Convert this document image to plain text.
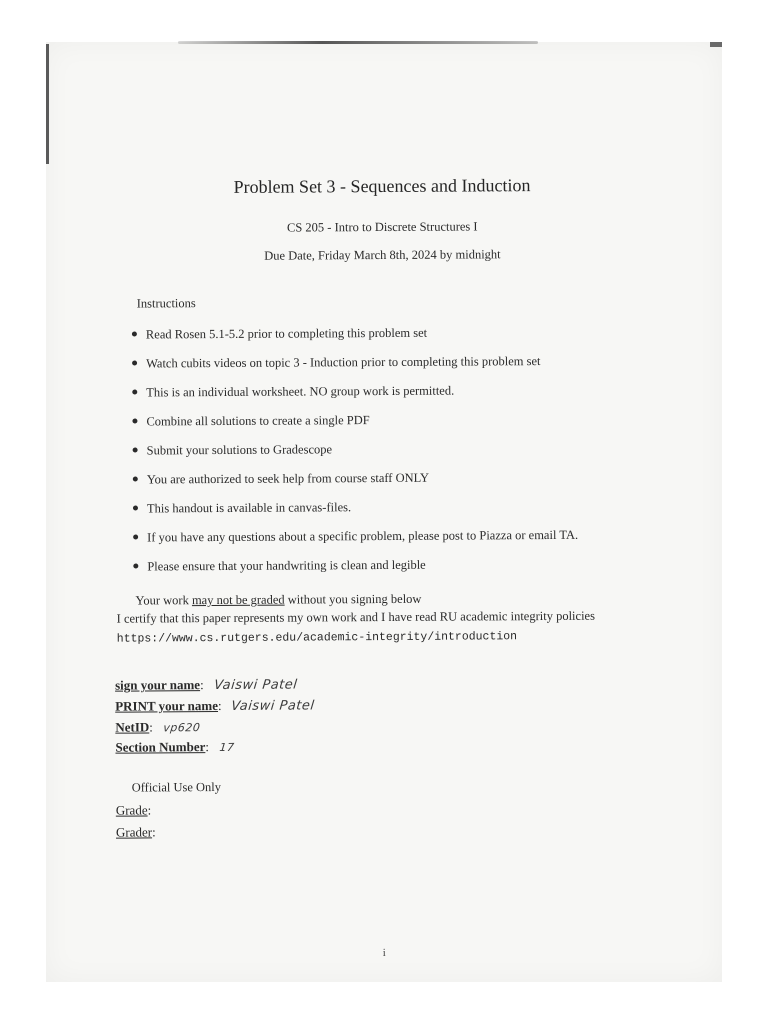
Problem Set 3 - Sequences and Induction
CS 205 - Intro to Discrete Structures I
Due Date, Friday March 8th, 2024 by midnight
Instructions
Read Rosen 5.1-5.2 prior to completing this problem set
Watch cubits videos on topic 3 - Induction prior to completing this problem set
This is an individual worksheet. NO group work is permitted.
Combine all solutions to create a single PDF
Submit your solutions to Gradescope
You are authorized to seek help from course staff ONLY
This handout is available in canvas-files.
If you have any questions about a specific problem, please post to Piazza or email TA.
Please ensure that your handwriting is clean and legible
Your work may not be graded without you signing below
I certify that this paper represents my own work and I have read RU academic integrity policies
https://www.cs.rutgers.edu/academic-integrity/introduction
sign your name: Vaiswi Patel
PRINT your name: Vaiswi Patel
NetID: vp620
Section Number: 17
Official Use Only
Grade:
Grader:
i
